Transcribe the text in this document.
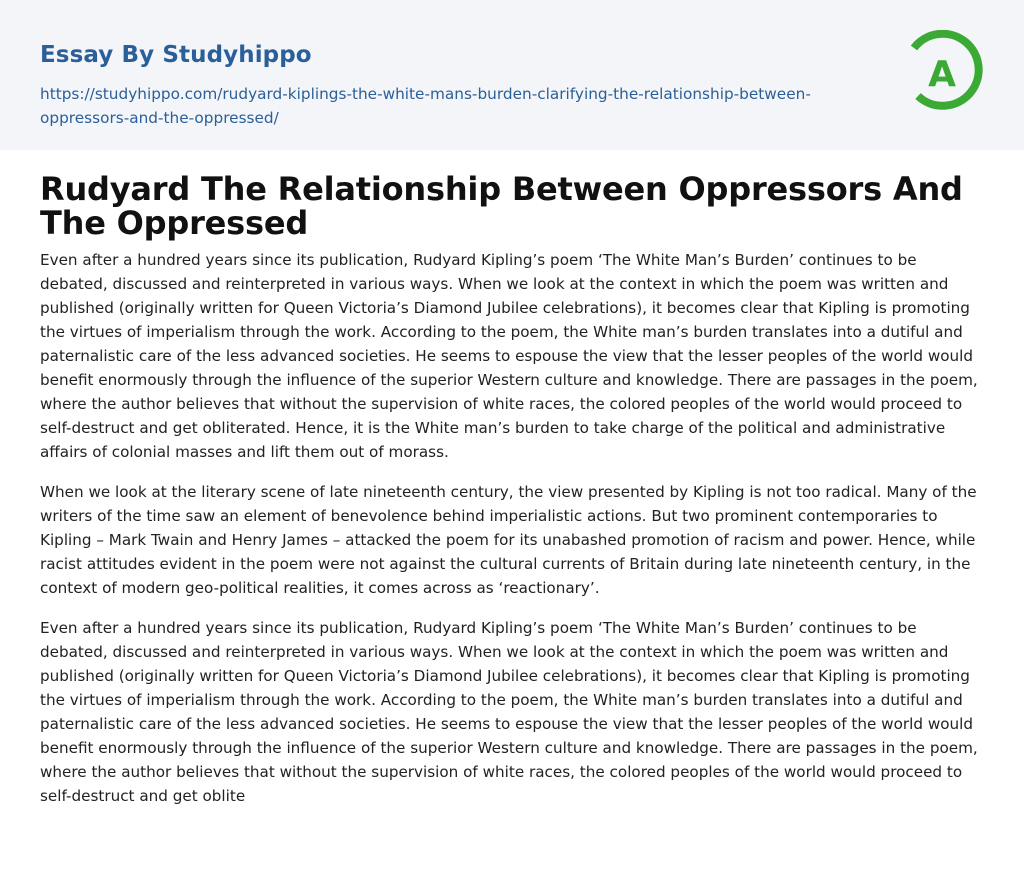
Essay By Studyhippo
https://studyhippo.com/rudyard-kiplings-the-white-mans-burden-clarifying-the-relationship-between-oppressors-and-the-oppressed/
A
Rudyard The Relationship Between Oppressors And The Oppressed

Even after a hundred years since its publication, Rudyard Kipling’s poem ‘The White Man’s Burden’ continues to be debated, discussed and reinterpreted in various ways. When we look at the context in which the poem was written and published (originally written for Queen Victoria’s Diamond Jubilee celebrations), it becomes clear that Kipling is promoting the virtues of imperialism through the work. According to the poem, the White man’s burden translates into a dutiful and paternalistic care of the less advanced societies. He seems to espouse the view that the lesser peoples of the world would benefit enormously through the influence of the superior Western culture and knowledge. There are passages in the poem, where the author believes that without the supervision of white races, the colored peoples of the world would proceed to self-destruct and get obliterated. Hence, it is the White man’s burden to take charge of the political and administrative affairs of colonial masses and lift them out of morass.

When we look at the literary scene of late nineteenth century, the view presented by Kipling is not too radical. Many of the writers of the time saw an element of benevolence behind imperialistic actions. But two prominent contemporaries to Kipling – Mark Twain and Henry James – attacked the poem for its unabashed promotion of racism and power. Hence, while racist attitudes evident in the poem were not against the cultural currents of Britain during late nineteenth century, in the context of modern geo-political realities, it comes across as ‘reactionary’.

Even after a hundred years since its publication, Rudyard Kipling’s poem ‘The White Man’s Burden’ continues to be debated, discussed and reinterpreted in various ways. When we look at the context in which the poem was written and published (originally written for Queen Victoria’s Diamond Jubilee celebrations), it becomes clear that Kipling is promoting the virtues of imperialism through the work. According to the poem, the White man’s burden translates into a dutiful and paternalistic care of the less advanced societies. He seems to espouse the view that the lesser peoples of the world would benefit enormously through the influence of the superior Western culture and knowledge. There are passages in the poem, where the author believes that without the supervision of white races, the colored peoples of the world would proceed to self-destruct and get oblite
